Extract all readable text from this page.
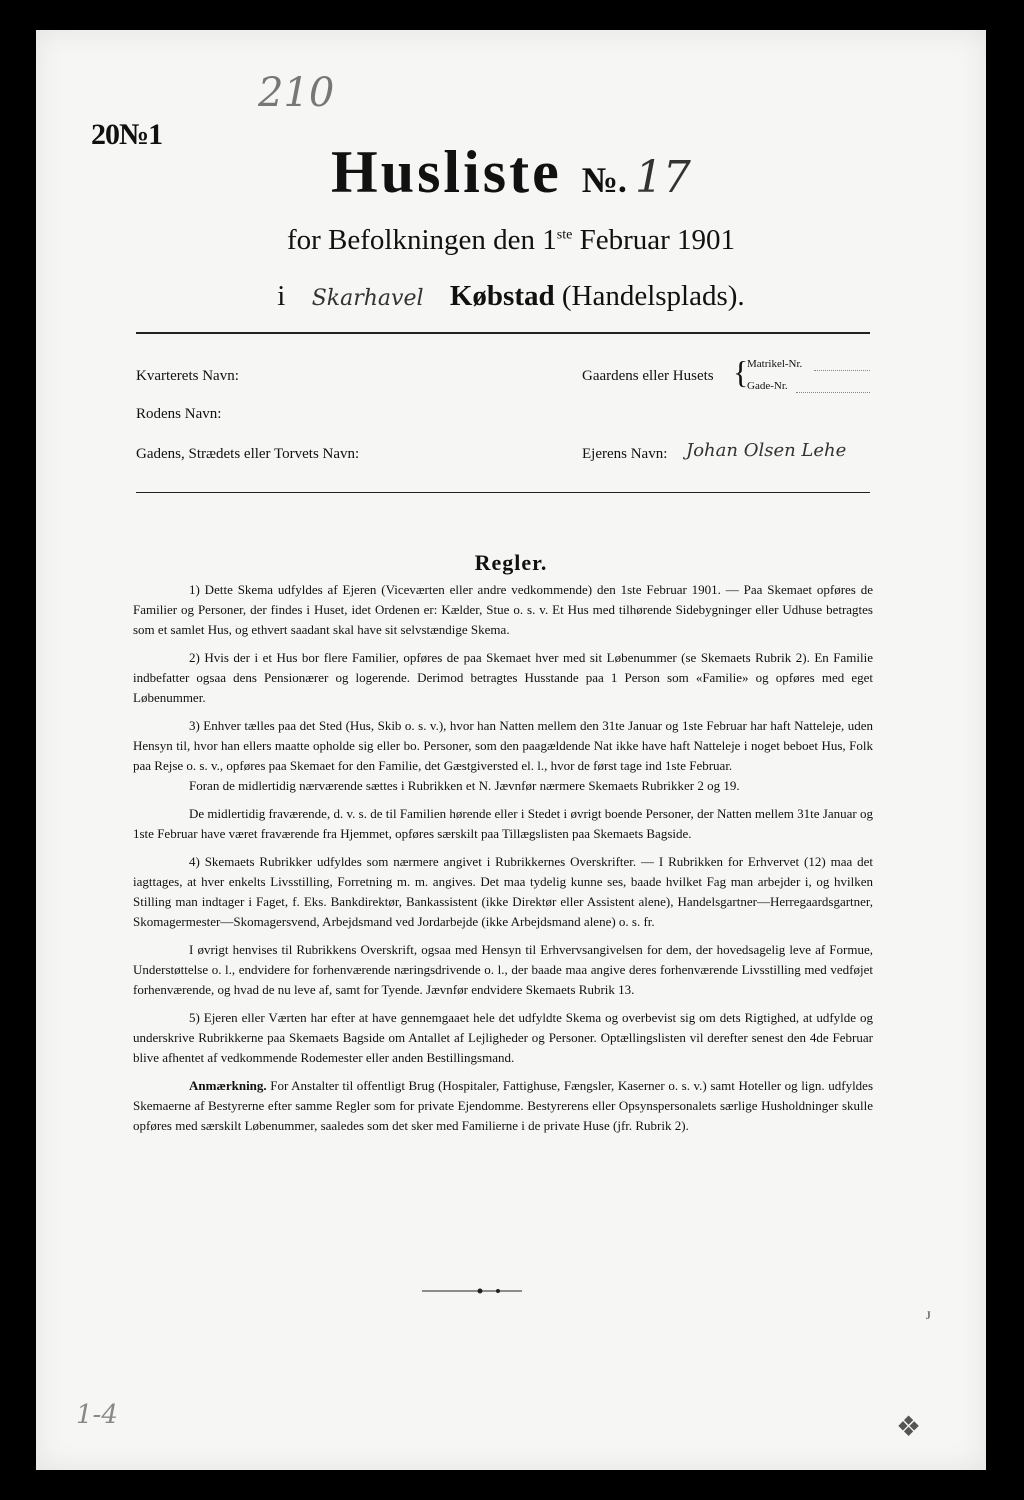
20№1
210
Husliste №. 17
for Befolkningen den 1ste Februar 1901
i Skarhavel Købstad (Handelsplads).
Kvarterets Navn:
Rodens Navn:
Gadens, Strædets eller Torvets Navn:
Gaardens eller Husets {
Matrikel-Nr.
Gade-Nr.
Ejerens Navn: Johan Olsen Lehe
Regler.

1) Dette Skema udfyldes af Ejeren (Viceværten eller andre vedkommende) den 1ste Februar 1901. — Paa Skemaet opføres de Familier og Personer, der findes i Huset, idet Ordenen er: Kælder, Stue o. s. v. Et Hus med tilhørende Sidebygninger eller Udhuse betragtes som et samlet Hus, og ethvert saadant skal have sit selvstændige Skema.

2) Hvis der i et Hus bor flere Familier, opføres de paa Skemaet hver med sit Løbenummer (se Skemaets Rubrik 2). En Familie indbefatter ogsaa dens Pensionærer og logerende. Derimod betragtes Husstande paa 1 Person som «Familie» og opføres med eget Løbenummer.

3) Enhver tælles paa det Sted (Hus, Skib o. s. v.), hvor han Natten mellem den 31te Januar og 1ste Februar har haft Natteleje, uden Hensyn til, hvor han ellers maatte opholde sig eller bo. Personer, som den paagældende Nat ikke have haft Natteleje i noget beboet Hus, Folk paa Rejse o. s. v., opføres paa Skemaet for den Familie, det Gæstgiversted el. l., hvor de først tage ind 1ste Februar.

Foran de midlertidig nærværende sættes i Rubrikken et N. Jævnfør nærmere Skemaets Rubrikker 2 og 19.

De midlertidig fraværende, d. v. s. de til Familien hørende eller i Stedet i øvrigt boende Personer, der Natten mellem 31te Januar og 1ste Februar have været fraværende fra Hjemmet, opføres særskilt paa Tillægslisten paa Skemaets Bagside.

4) Skemaets Rubrikker udfyldes som nærmere angivet i Rubrikkernes Overskrifter. — I Rubrikken for Erhvervet (12) maa det iagttages, at hver enkelts Livsstilling, Forretning m. m. angives. Det maa tydelig kunne ses, baade hvilket Fag man arbejder i, og hvilken Stilling man indtager i Faget, f. Eks. Bankdirektør, Bankassistent (ikke Direktør eller Assistent alene), Handelsgartner—Herregaardsgartner, Skomagermester—Skomagersvend, Arbejdsmand ved Jordarbejde (ikke Arbejdsmand alene) o. s. fr.

I øvrigt henvises til Rubrikkens Overskrift, ogsaa med Hensyn til Erhvervsangivelsen for dem, der hovedsagelig leve af Formue, Understøttelse o. l., endvidere for forhenværende næringsdrivende o. l., der baade maa angive deres forhenværende Livsstilling med vedføjet forhenværende, og hvad de nu leve af, samt for Tyende. Jævnfør endvidere Skemaets Rubrik 13.

5) Ejeren eller Værten har efter at have gennemgaaet hele det udfyldte Skema og overbevist sig om dets Rigtighed, at udfylde og underskrive Rubrikkerne paa Skemaets Bagside om Antallet af Lejligheder og Personer. Optællingslisten vil derefter senest den 4de Februar blive afhentet af vedkommende Rodemester eller anden Bestillingsmand.

Anmærkning. For Anstalter til offentligt Brug (Hospitaler, Fattighuse, Fængsler, Kaserner o. s. v.) samt Hoteller og lign. udfyldes Skemaerne af Bestyrerne efter samme Regler som for private Ejendomme. Bestyrerens eller Opsynspersonalets særlige Husholdninger skulle opføres med særskilt Løbenummer, saaledes som det sker med Familierne i de private Huse (jfr. Rubrik 2).

J
1-4	❖
